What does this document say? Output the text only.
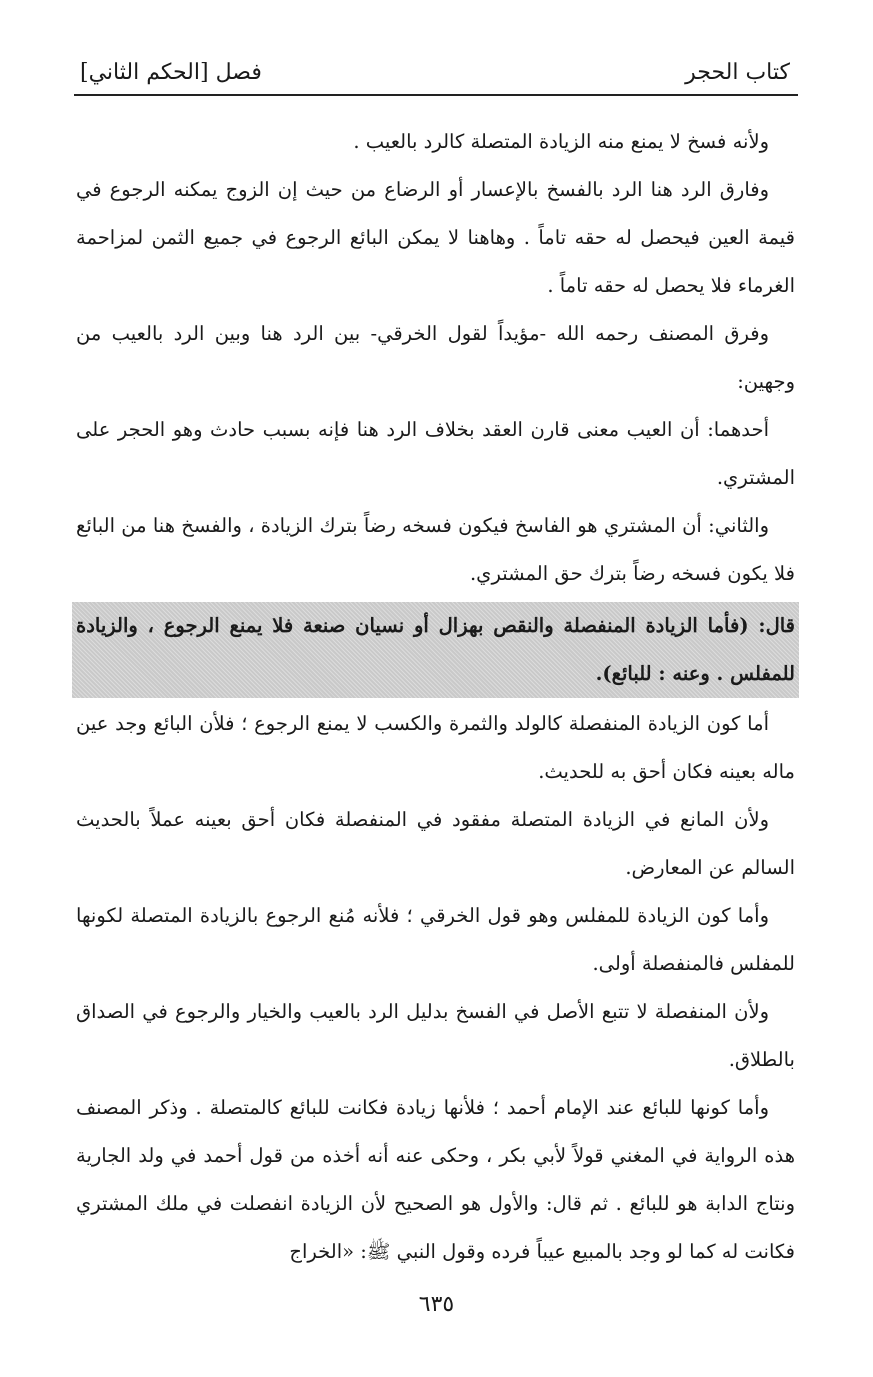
كتاب الحجر
فصل [الحكم الثاني]

ولأنه فسخ لا يمنع منه الزيادة المتصلة كالرد بالعيب .

وفارق الرد هنا الرد بالفسخ بالإعسار أو الرضاع من حيث إن الزوج يمكنه الرجوع في قيمة العين فيحصل له حقه تاماً . وهاهنا لا يمكن البائع الرجوع في جميع الثمن لمزاحمة الغرماء فلا يحصل له حقه تاماً .

وفرق المصنف رحمه الله -مؤيداً لقول الخرقي- بين الرد هنا وبين الرد بالعيب من وجهين:

أحدهما: أن العيب معنى قارن العقد بخلاف الرد هنا فإنه بسبب حادث وهو الحجر على المشتري.

والثاني: أن المشتري هو الفاسخ فيكون فسخه رضاً بترك الزيادة ، والفسخ هنا من البائع فلا يكون فسخه رضاً بترك حق المشتري.

قال: (فأما الزيادة المنفصلة والنقص بهزال أو نسيان صنعة فلا يمنع الرجوع ، والزيادة للمفلس . وعنه : للبائع).

أما كون الزيادة المنفصلة كالولد والثمرة والكسب لا يمنع الرجوع ؛ فلأن البائع وجد عين ماله بعينه فكان أحق به للحديث.

ولأن المانع في الزيادة المتصلة مفقود في المنفصلة فكان أحق بعينه عملاً بالحديث السالم عن المعارض.

وأما كون الزيادة للمفلس وهو قول الخرقي ؛ فلأنه مُنع الرجوع بالزيادة المتصلة لكونها للمفلس فالمنفصلة أولى.

ولأن المنفصلة لا تتبع الأصل في الفسخ بدليل الرد بالعيب والخيار والرجوع في الصداق بالطلاق.

وأما كونها للبائع عند الإمام أحمد ؛ فلأنها زيادة فكانت للبائع كالمتصلة . وذكر المصنف هذه الرواية في المغني قولاً لأبي بكر ، وحكى عنه أنه أخذه من قول أحمد في ولد الجارية ونتاج الدابة هو للبائع . ثم قال: والأول هو الصحيح لأن الزيادة انفصلت في ملك المشتري فكانت له كما لو وجد بالمبيع عيباً فرده وقول النبي ﷺ: «الخراج

٦٣٥
